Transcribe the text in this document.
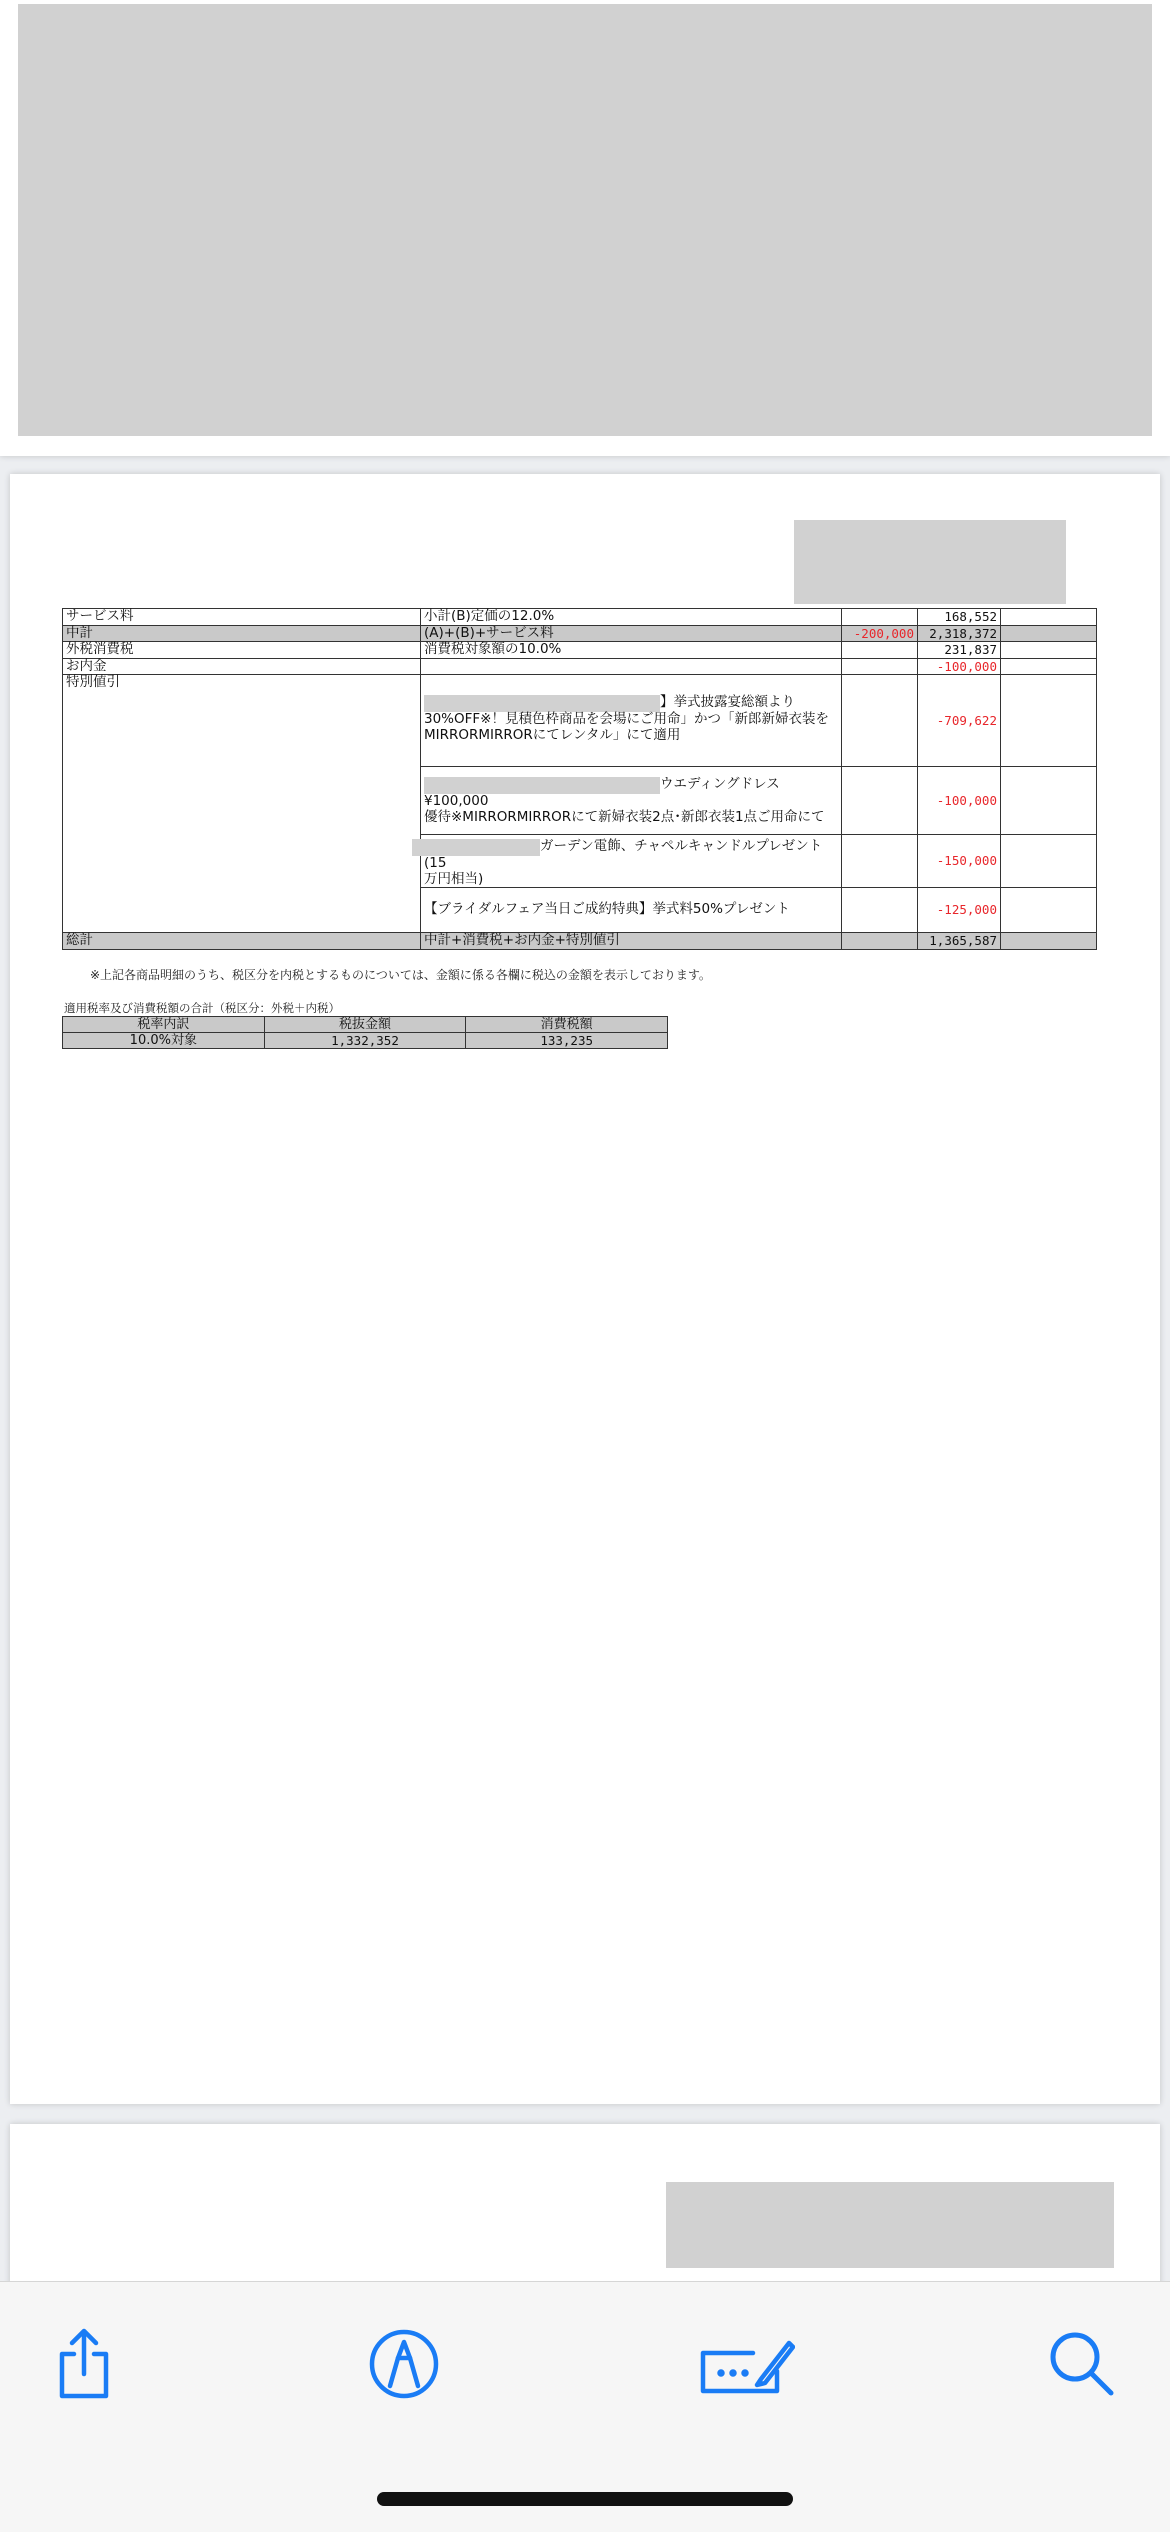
サービス料	小計(B)定価の12.0%		168,552	
中計	(A)+(B)+サービス料	-200,000	2,318,372	
外税消費税	消費税対象額の10.0%		231,837	
お内金			-100,000	
特別値引	】挙式披露宴総額より
30%OFF※！見積色枠商品を会場にご用命」かつ「新郎新婦衣装をMIRRORMIRRORにてレンタル」にて適用		-709,622	
	ウエディングドレス¥100,000
優待※MIRRORMIRRORにて新婦衣装2点･新郎衣装1点ご用命にて		-100,000	
	ガーデン電飾、チャペルキャンドルプレゼント(15
万円相当)		-150,000	
	【ブライダルフェア当日ご成約特典】挙式料50%プレゼント		-125,000	
総計	中計+消費税+お内金+特別値引		1,365,587	
※上記各商品明細のうち、税区分を内税とするものについては、金額に係る各欄に税込の金額を表示しております。
適用税率及び消費税額の合計（税区分：外税＋内税）
税率内訳	税抜金額	消費税額
10.0%対象	1,332,352	133,235
